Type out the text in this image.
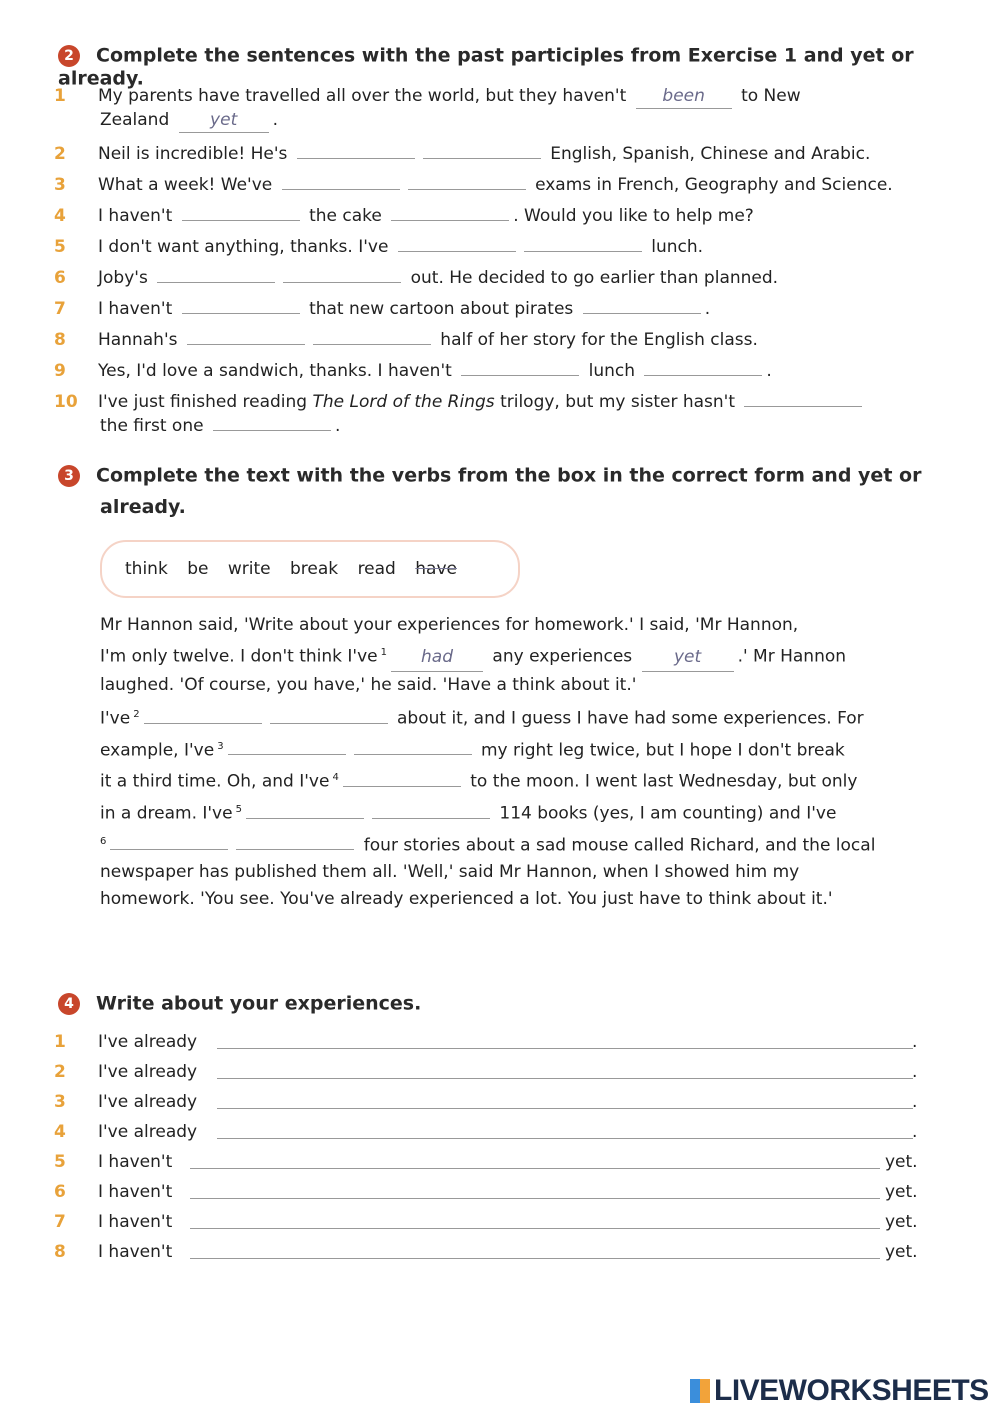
2 Complete the sentences with the past participles from Exercise 1 and yet or already.
1 My parents have travelled all over the world, but they haven't been to New
Zealand yet .
2 Neil is incredible! He's	English, Spanish, Chinese and Arabic.
3 What a week! We've	exams in French, Geography and Science.
4 I haven't	the cake	. Would you like to help me?
5 I don't want anything, thanks. I've	lunch.
6 Joby's	out. He decided to go earlier than planned.
7 I haven't	that new cartoon about pirates	.
8 Hannah's	half of her story for the English class.
9 Yes, I'd love a sandwich, thanks. I haven't	lunch	.
10 I've just finished reading The Lord of the Rings trilogy, but my sister hasn't
the first one	.
3 Complete the text with the verbs from the box in the correct form and yet or
already.
think be write break read have
Mr Hannon said, 'Write about your experiences for homework.' I said, 'Mr Hannon,
I'm only twelve. I don't think I've $^1$ had any experiences yet .' Mr Hannon
laughed. 'Of course, you have,' he said. 'Have a think about it.'
I've $^2$	about it, and I guess I have had some experiences. For
example, I've $^3$	my right leg twice, but I hope I don't break
it a third time. Oh, and I've $^4$	to the moon. I went last Wednesday, but only
in a dream. I've $^5$	114 books (yes, I am counting) and I've
$^6$	four stories about a sad mouse called Richard, and the local
newspaper has published them all. 'Well,' said Mr Hannon, when I showed him my
homework. 'You see. You've already experienced a lot. You just have to think about it.'
4 Write about your experiences.
1 I've already	.
2 I've already	.
3 I've already	.
4 I've already	.
5 I haven't	yet.
6 I haven't	yet.
7 I haven't	yet.
8 I haven't	yet.
LIVEWORKSHEETS
